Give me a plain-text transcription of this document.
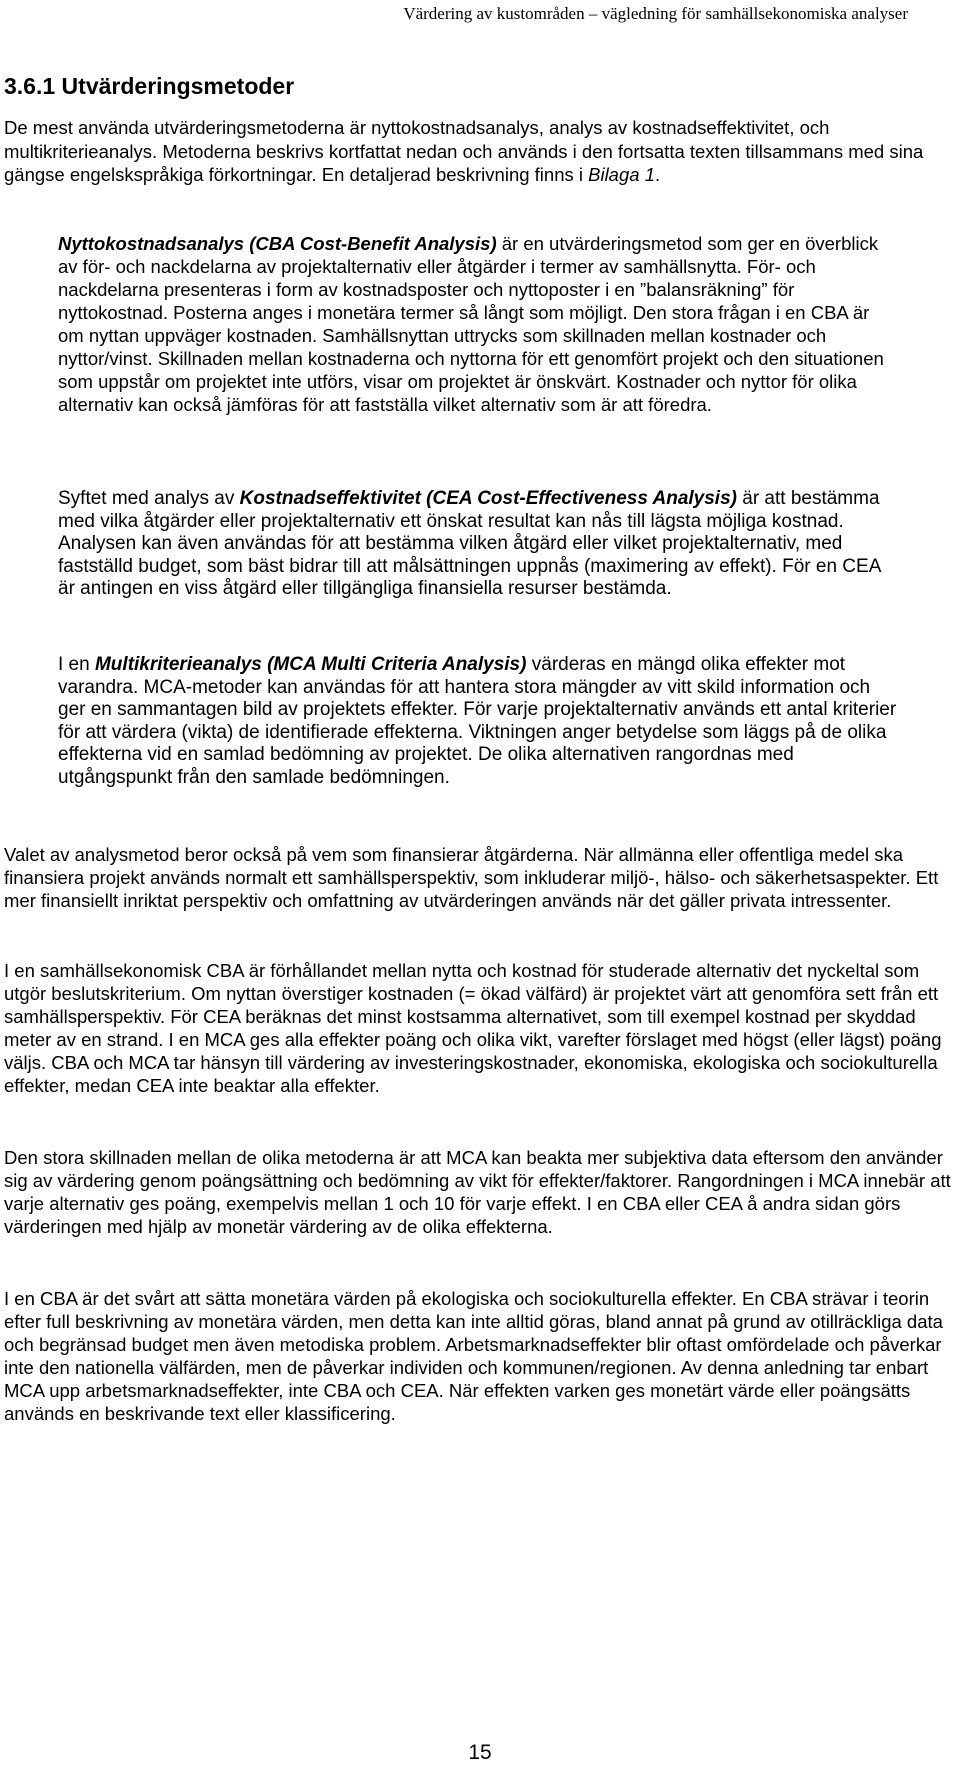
Värdering av kustområden – vägledning för samhällsekonomiska analyser
3.6.1 Utvärderingsmetoder

De mest använda utvärderingsmetoderna är nyttokostnadsanalys, analys av kostnadseffektivitet, och multikriterieanalys. Metoderna beskrivs kortfattat nedan och används i den fortsatta texten tillsammans med sina gängse engelskspråkiga förkortningar. En detaljerad beskrivning finns i Bilaga 1.

Nyttokostnadsanalys (CBA Cost-Benefit Analysis) är en utvärderingsmetod som ger en överblick av för- och nackdelarna av projektalternativ eller åtgärder i termer av samhällsnytta. För- och nackdelarna presenteras i form av kostnadsposter och nyttoposter i en ”balansräkning” för nyttokostnad. Posterna anges i monetära termer så långt som möjligt. Den stora frågan i en CBA är om nyttan uppväger kostnaden. Samhällsnyttan uttrycks som skillnaden mellan kostnader och nyttor/vinst. Skillnaden mellan kostnaderna och nyttorna för ett genomfört projekt och den situationen som uppstår om projektet inte utförs, visar om projektet är önskvärt. Kostnader och nyttor för olika alternativ kan också jämföras för att fastställa vilket alternativ som är att föredra.

Syftet med analys av Kostnadseffektivitet (CEA Cost-Effectiveness Analysis) är att bestämma med vilka åtgärder eller projektalternativ ett önskat resultat kan nås till lägsta möjliga kostnad. Analysen kan även användas för att bestämma vilken åtgärd eller vilket projektalternativ, med fastställd budget, som bäst bidrar till att målsättningen uppnås (maximering av effekt). För en CEA är antingen en viss åtgärd eller tillgängliga finansiella resurser bestämda.

I en Multikriterieanalys (MCA Multi Criteria Analysis) värderas en mängd olika effekter mot varandra. MCA-metoder kan användas för att hantera stora mängder av vitt skild information och ger en sammantagen bild av projektets effekter. För varje projektalternativ används ett antal kriterier för att värdera (vikta) de identifierade effekterna. Viktningen anger betydelse som läggs på de olika effekterna vid en samlad bedömning av projektet. De olika alternativen rangordnas med utgångspunkt från den samlade bedömningen.

Valet av analysmetod beror också på vem som finansierar åtgärderna. När allmänna eller offentliga medel ska finansiera projekt används normalt ett samhällsperspektiv, som inkluderar miljö-, hälso- och säkerhetsaspekter. Ett mer finansiellt inriktat perspektiv och omfattning av utvärderingen används när det gäller privata intressenter.

I en samhällsekonomisk CBA är förhållandet mellan nytta och kostnad för studerade alternativ det nyckeltal som utgör beslutskriterium. Om nyttan överstiger kostnaden (= ökad välfärd) är projektet värt att genomföra sett från ett samhällsperspektiv. För CEA beräknas det minst kostsamma alternativet, som till exempel kostnad per skyddad meter av en strand. I en MCA ges alla effekter poäng och olika vikt, varefter förslaget med högst (eller lägst) poäng väljs. CBA och MCA tar hänsyn till värdering av investeringskostnader, ekonomiska, ekologiska och sociokulturella effekter, medan CEA inte beaktar alla effekter.

Den stora skillnaden mellan de olika metoderna är att MCA kan beakta mer subjektiva data eftersom den använder sig av värdering genom poängsättning och bedömning av vikt för effekter/faktorer. Rangordningen i MCA innebär att varje alternativ ges poäng, exempelvis mellan 1 och 10 för varje effekt. I en CBA eller CEA å andra sidan görs värderingen med hjälp av monetär värdering av de olika effekterna.

I en CBA är det svårt att sätta monetära värden på ekologiska och sociokulturella effekter. En CBA strävar i teorin efter full beskrivning av monetära värden, men detta kan inte alltid göras, bland annat på grund av otillräckliga data och begränsad budget men även metodiska problem. Arbetsmarknadseffekter blir oftast omfördelade och påverkar inte den nationella välfärden, men de påverkar individen och kommunen/regionen. Av denna anledning tar enbart MCA upp arbetsmarknadseffekter, inte CBA och CEA. När effekten varken ges monetärt värde eller poängsätts används en beskrivande text eller klassificering.

15
